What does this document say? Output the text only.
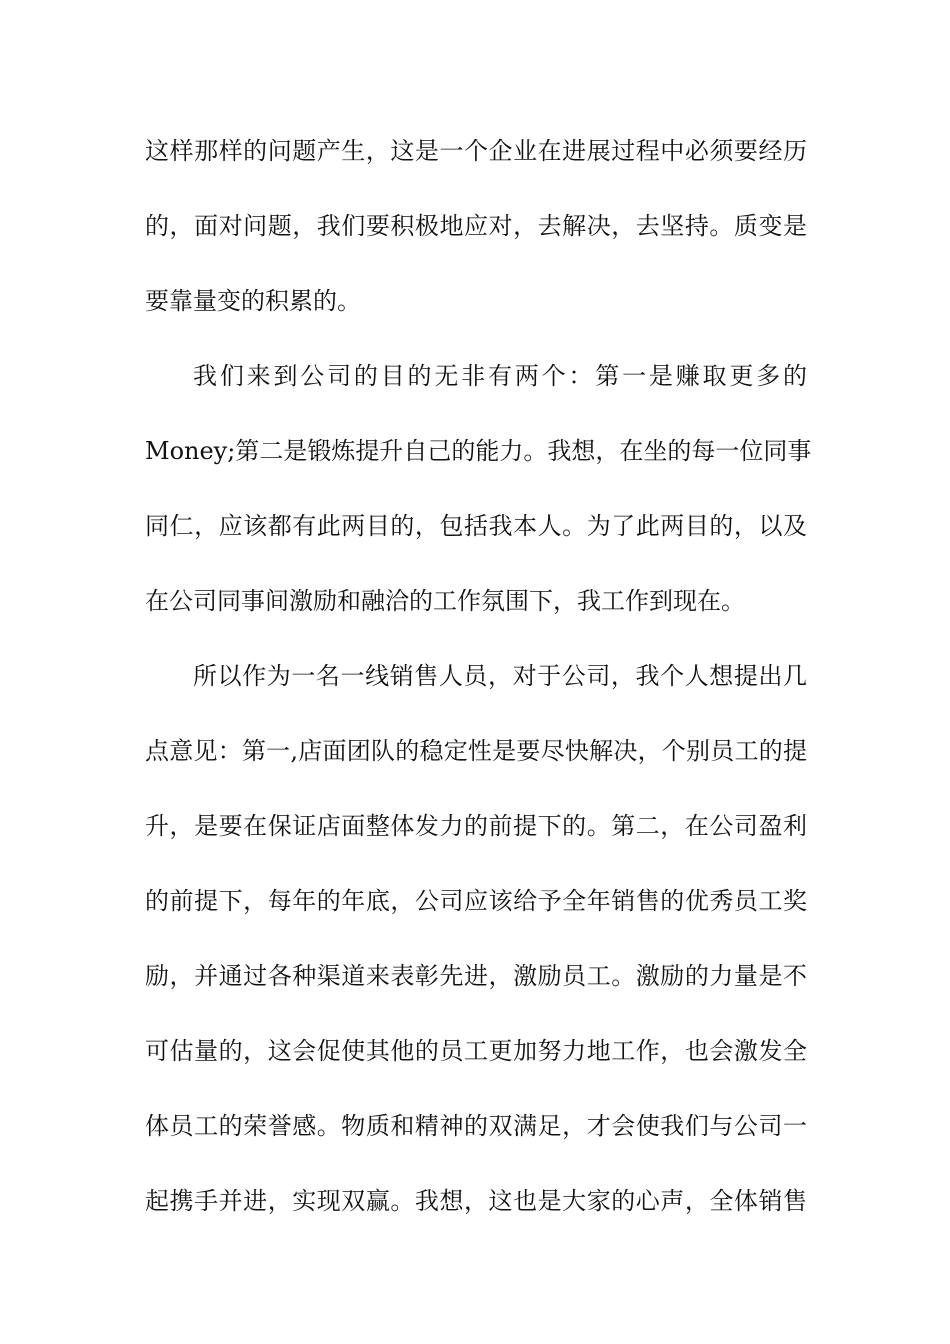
这样那样的问题产生，这是一个企业在进展过程中必须要经历
的，面对问题，我们要积极地应对，去解决，去坚持。质变是
要靠量变的积累的。
我们来到公司的目的无非有两个：第一是赚取更多的
Money;第二是锻炼提升自己的能力。我想，在坐的每一位同事
同仁，应该都有此两目的，包括我本人。为了此两目的，以及
在公司同事间激励和融洽的工作氛围下，我工作到现在。
所以作为一名一线销售人员，对于公司，我个人想提出几
点意见：第一,店面团队的稳定性是要尽快解决，个别员工的提
升，是要在保证店面整体发力的前提下的。第二，在公司盈利
的前提下，每年的年底，公司应该给予全年销售的优秀员工奖
励，并通过各种渠道来表彰先进，激励员工。激励的力量是不
可估量的，这会促使其他的员工更加努力地工作，也会激发全
体员工的荣誉感。物质和精神的双满足，才会使我们与公司一
起携手并进，实现双赢。我想，这也是大家的心声，全体销售
